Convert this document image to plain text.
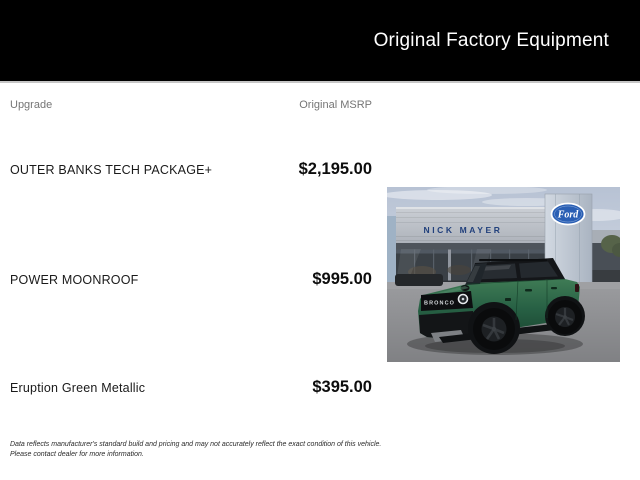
Original Factory Equipment
Upgrade	Original MSRP
OUTER BANKS TECH PACKAGE+	$2,195.00
POWER MOONROOF	$995.00
Eruption Green Metallic	$395.00
NICK MAYER
Ford
BRONCO
Data reflects manufacturer's standard build and pricing and may not accurately reflect the exact condition of this vehicle.
Please contact dealer for more information.
